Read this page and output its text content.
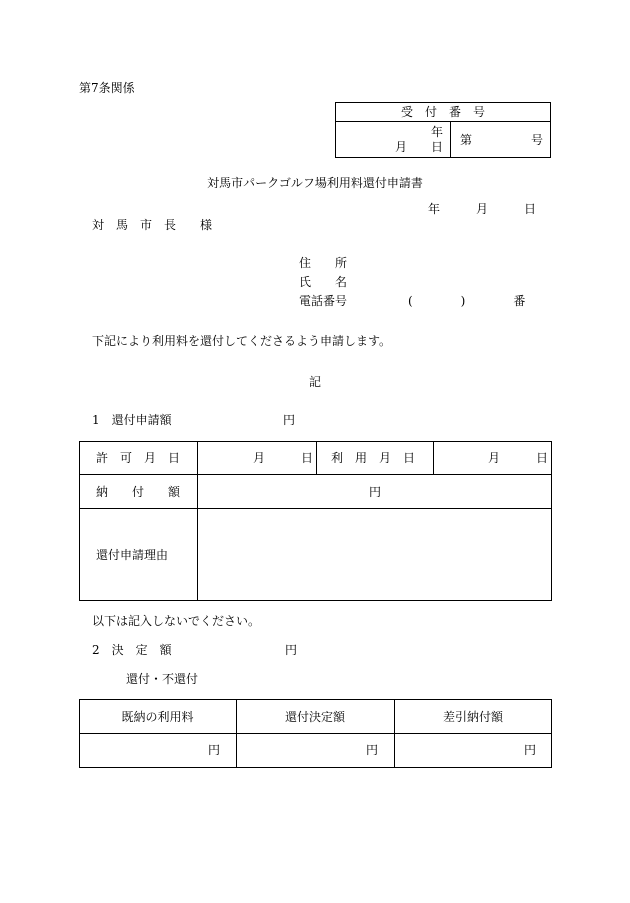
第7条関係
受　付　番　号
年
月　　日 第	号
対馬市パークゴルフ場利用料還付申請書
年　　　月　　　日
対　馬　市　長　　様
住　　所
氏　　名
電話番号	(　　　　)　　　　番
下記により利用料を還付してくださるよう申請します。
記
1　還付申請額	円
許　可　月　日	月　　　日 利　用　月　日	月　　　日
納　　付　　額	円
還付申請理由
以下は記入しないでください。
2　決　定　額	円
還付・不還付
既納の利用料	還付決定額	差引納付額
円	円	円
